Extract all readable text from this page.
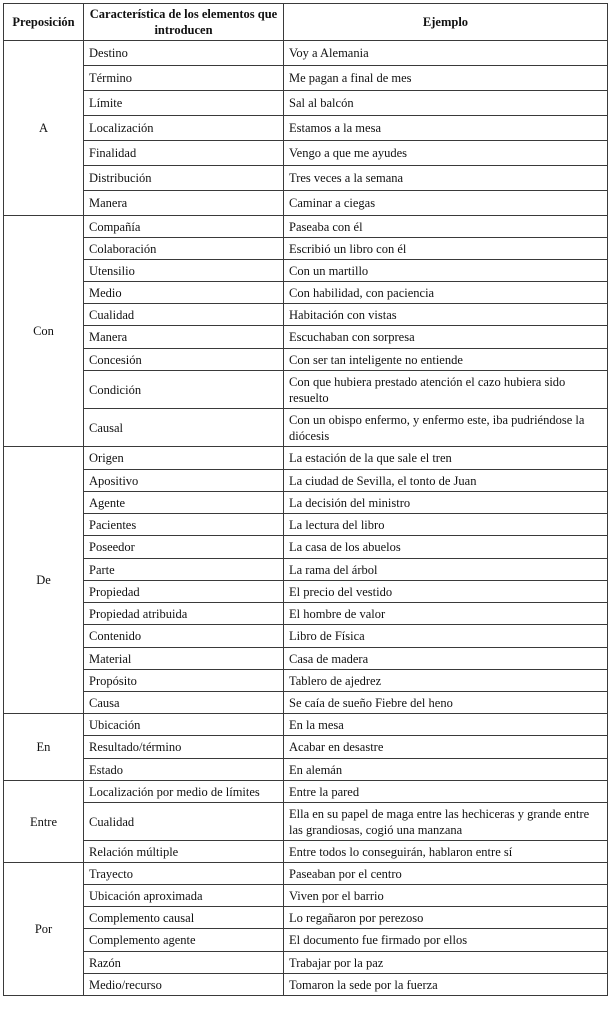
Preposición	Característica de los elementos que introducen	Ejemplo
A	Destino	Voy a Alemania
	Término	Me pagan a final de mes
	Límite	Sal al balcón
	Localización	Estamos a la mesa
	Finalidad	Vengo a que me ayudes
	Distribución	Tres veces a la semana
	Manera	Caminar a ciegas
Con	Compañía	Paseaba con él
	Colaboración	Escribió un libro con él
	Utensilio	Con un martillo
	Medio	Con habilidad, con paciencia
	Cualidad	Habitación con vistas
	Manera	Escuchaban con sorpresa
	Concesión	Con ser tan inteligente no entiende
	Condición	Con que hubiera prestado atención el cazo hubiera sido resuelto
	Causal	Con un obispo enfermo, y enfermo este, iba pudriéndose la diócesis
De	Origen	La estación de la que sale el tren
	Apositivo	La ciudad de Sevilla, el tonto de Juan
	Agente	La decisión del ministro
	Pacientes	La lectura del libro
	Poseedor	La casa de los abuelos
	Parte	La rama del árbol
	Propiedad	El precio del vestido
	Propiedad atribuida	El hombre de valor
	Contenido	Libro de Física
	Material	Casa de madera
	Propósito	Tablero de ajedrez
	Causa	Se caía de sueño Fiebre del heno
En	Ubicación	En la mesa
	Resultado/término	Acabar en desastre
	Estado	En alemán
Entre	Localización por medio de límites	Entre la pared
	Cualidad	Ella en su papel de maga entre las hechiceras y grande entre las grandiosas, cogió una manzana
	Relación múltiple	Entre todos lo conseguirán, hablaron entre sí
Por	Trayecto	Paseaban por el centro
	Ubicación aproximada	Viven por el barrio
	Complemento causal	Lo regañaron por perezoso
	Complemento agente	El documento fue firmado por ellos
	Razón	Trabajar por la paz
	Medio/recurso	Tomaron la sede por la fuerza
